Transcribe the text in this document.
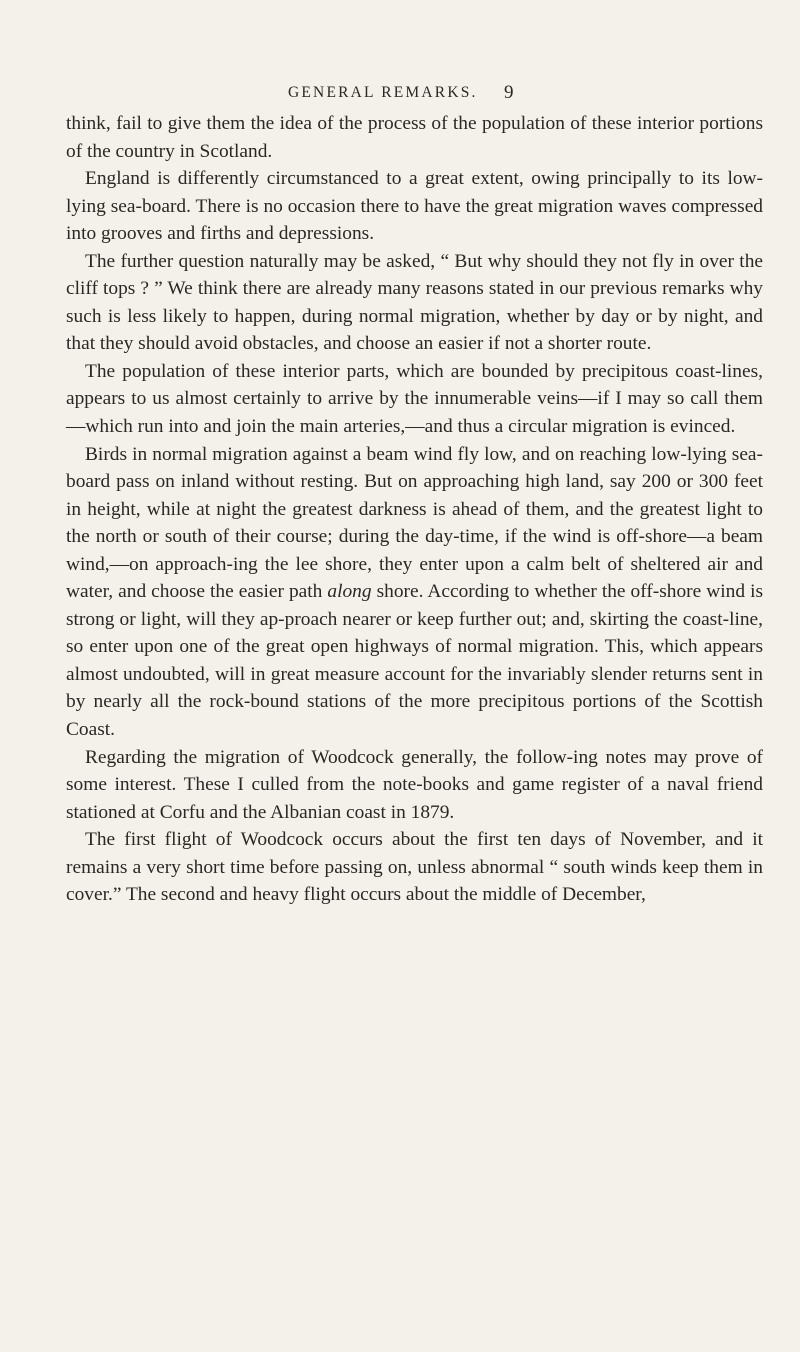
GENERAL REMARKS. 9

think, fail to give them the idea of the process of the population of these interior portions of the country in Scotland.

England is differently circumstanced to a great extent, owing principally to its low-lying sea-board. There is no occasion there to have the great migration waves compressed into grooves and firths and depressions.

The further question naturally may be asked, “ But why should they not fly in over the cliff tops ? ” We think there are already many reasons stated in our previous remarks why such is less likely to happen, during normal migration, whether by day or by night, and that they should avoid obstacles, and choose an easier if not a shorter route.

The population of these interior parts, which are bounded by precipitous coast-lines, appears to us almost certainly to arrive by the innumerable veins—if I may so call them—which run into and join the main arteries,—and thus a circular migration is evinced.

Birds in normal migration against a beam wind fly low, and on reaching low-lying sea-board pass on inland without resting. But on approaching high land, say 200 or 300 feet in height, while at night the greatest darkness is ahead of them, and the greatest light to the north or south of their course; during the day-time, if the wind is off-shore—a beam wind,—on approach-ing the lee shore, they enter upon a calm belt of sheltered air and water, and choose the easier path along shore. According to whether the off-shore wind is strong or light, will they ap-proach nearer or keep further out; and, skirting the coast-line, so enter upon one of the great open highways of normal migration. This, which appears almost undoubted, will in great measure account for the invariably slender returns sent in by nearly all the rock-bound stations of the more precipitous portions of the Scottish Coast.

Regarding the migration of Woodcock generally, the follow-ing notes may prove of some interest. These I culled from the note-books and game register of a naval friend stationed at Corfu and the Albanian coast in 1879.

The first flight of Woodcock occurs about the first ten days of November, and it remains a very short time before passing on, unless abnormal “ south winds keep them in cover.” The second and heavy flight occurs about the middle of December,
